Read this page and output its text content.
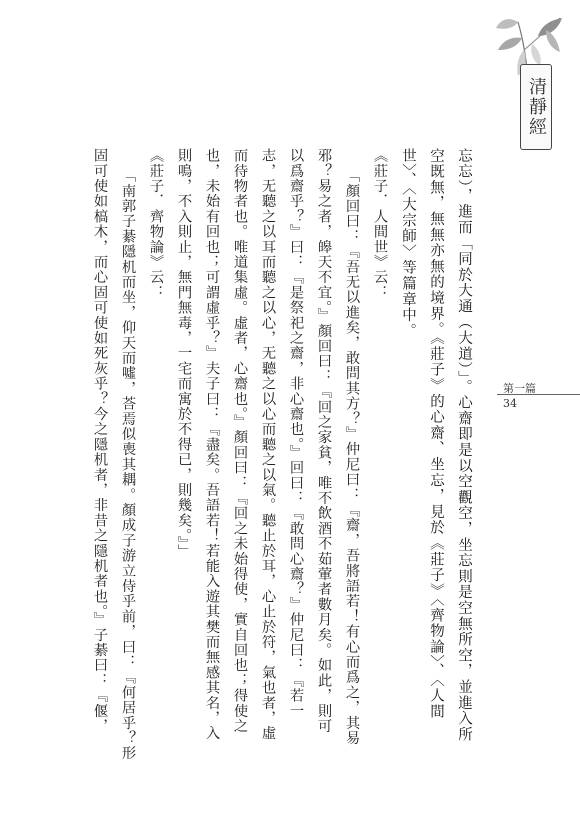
清靜經
第一篇
34
忘忘），進而「同於大通（大道）」。心齋即是以空觀空，坐忘則是空無所空，並進入所
空既無，無無亦無的境界。《莊子》的心齋、坐忘，見於《莊子》〈齊物論〉、〈人間
世〉、〈大宗師〉等篇章中。
《莊子．人間世》云：
「顏回曰：『吾无以進矣，敢問其方？』仲尼曰：『齋，吾將語若！有心而爲之，其易
邪？易之者，皞天不宜。』顏回曰：『回之家貧，唯不飲酒不茹葷者數月矣。如此，則可
以爲齋乎？』曰：『是祭祀之齋，非心齋也。』回曰：『敢問心齋？』仲尼曰：『若一
志，无聽之以耳而聽之以心，无聽之以心而聽之以氣。聽止於耳，心止於符，氣也者，虛
而待物者也。唯道集虛。虛者，心齋也。』顏回曰：『回之未始得使，實自回也；得使之
也，未始有回也；可謂虛乎？』夫子曰：『盡矣。吾語若！若能入遊其樊而無感其名，入
則鳴，不入則止，無門無毒，一宅而寓於不得已，則幾矣。』」
《莊子．齊物論》云：
「南郭子綦隱机而坐，仰天而噓，荅焉似喪其耦。顏成子游立侍乎前，曰：『何居乎？形
固可使如槁木，而心固可使如死灰乎？今之隱机者，非昔之隱机者也。』子綦曰：『偃，
